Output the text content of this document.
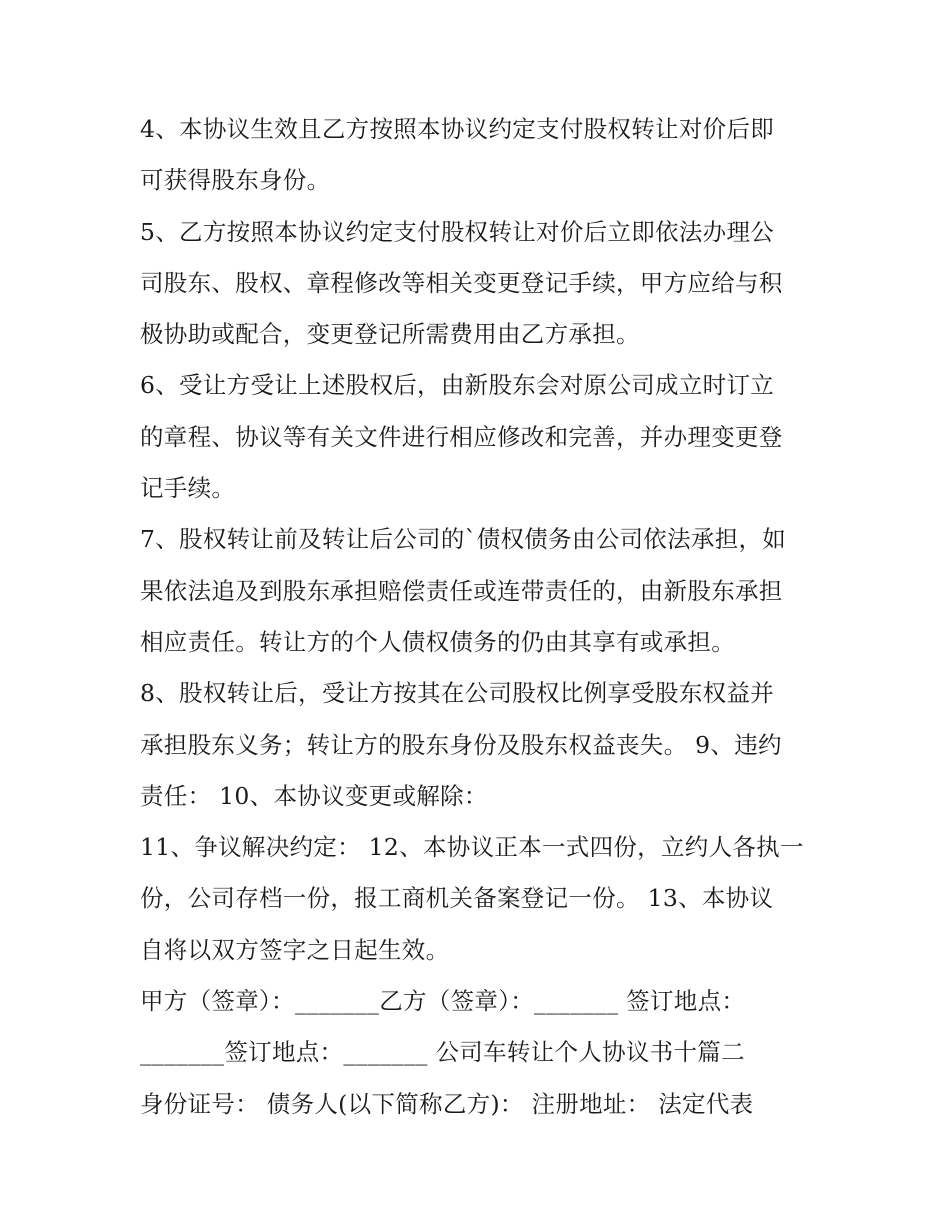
4、本协议生效且乙方按照本协议约定支付股权转让对价后即
可获得股东身份。
5、乙方按照本协议约定支付股权转让对价后立即依法办理公
司股东、股权、章程修改等相关变更登记手续，甲方应给与积
极协助或配合，变更登记所需费用由乙方承担。
6、受让方受让上述股权后，由新股东会对原公司成立时订立
的章程、协议等有关文件进行相应修改和完善，并办理变更登
记手续。
7、股权转让前及转让后公司的`债权债务由公司依法承担，如
果依法追及到股东承担赔偿责任或连带责任的，由新股东承担
相应责任。转让方的个人债权债务的仍由其享有或承担。
8、股权转让后，受让方按其在公司股权比例享受股东权益并
承担股东义务；转让方的股东身份及股东权益丧失。 9、违约
责任： 10、本协议变更或解除：
11、争议解决约定： 12、本协议正本一式四份，立约人各执一
份，公司存档一份，报工商机关备案登记一份。 13、本协议
自将以双方签字之日起生效。
甲方（签章）：_______乙方（签章）：_______ 签订地点：
_______签订地点：_______ 公司车转让个人协议书十篇二
身份证号： 债务人(以下简称乙方)： 注册地址： 法定代表
